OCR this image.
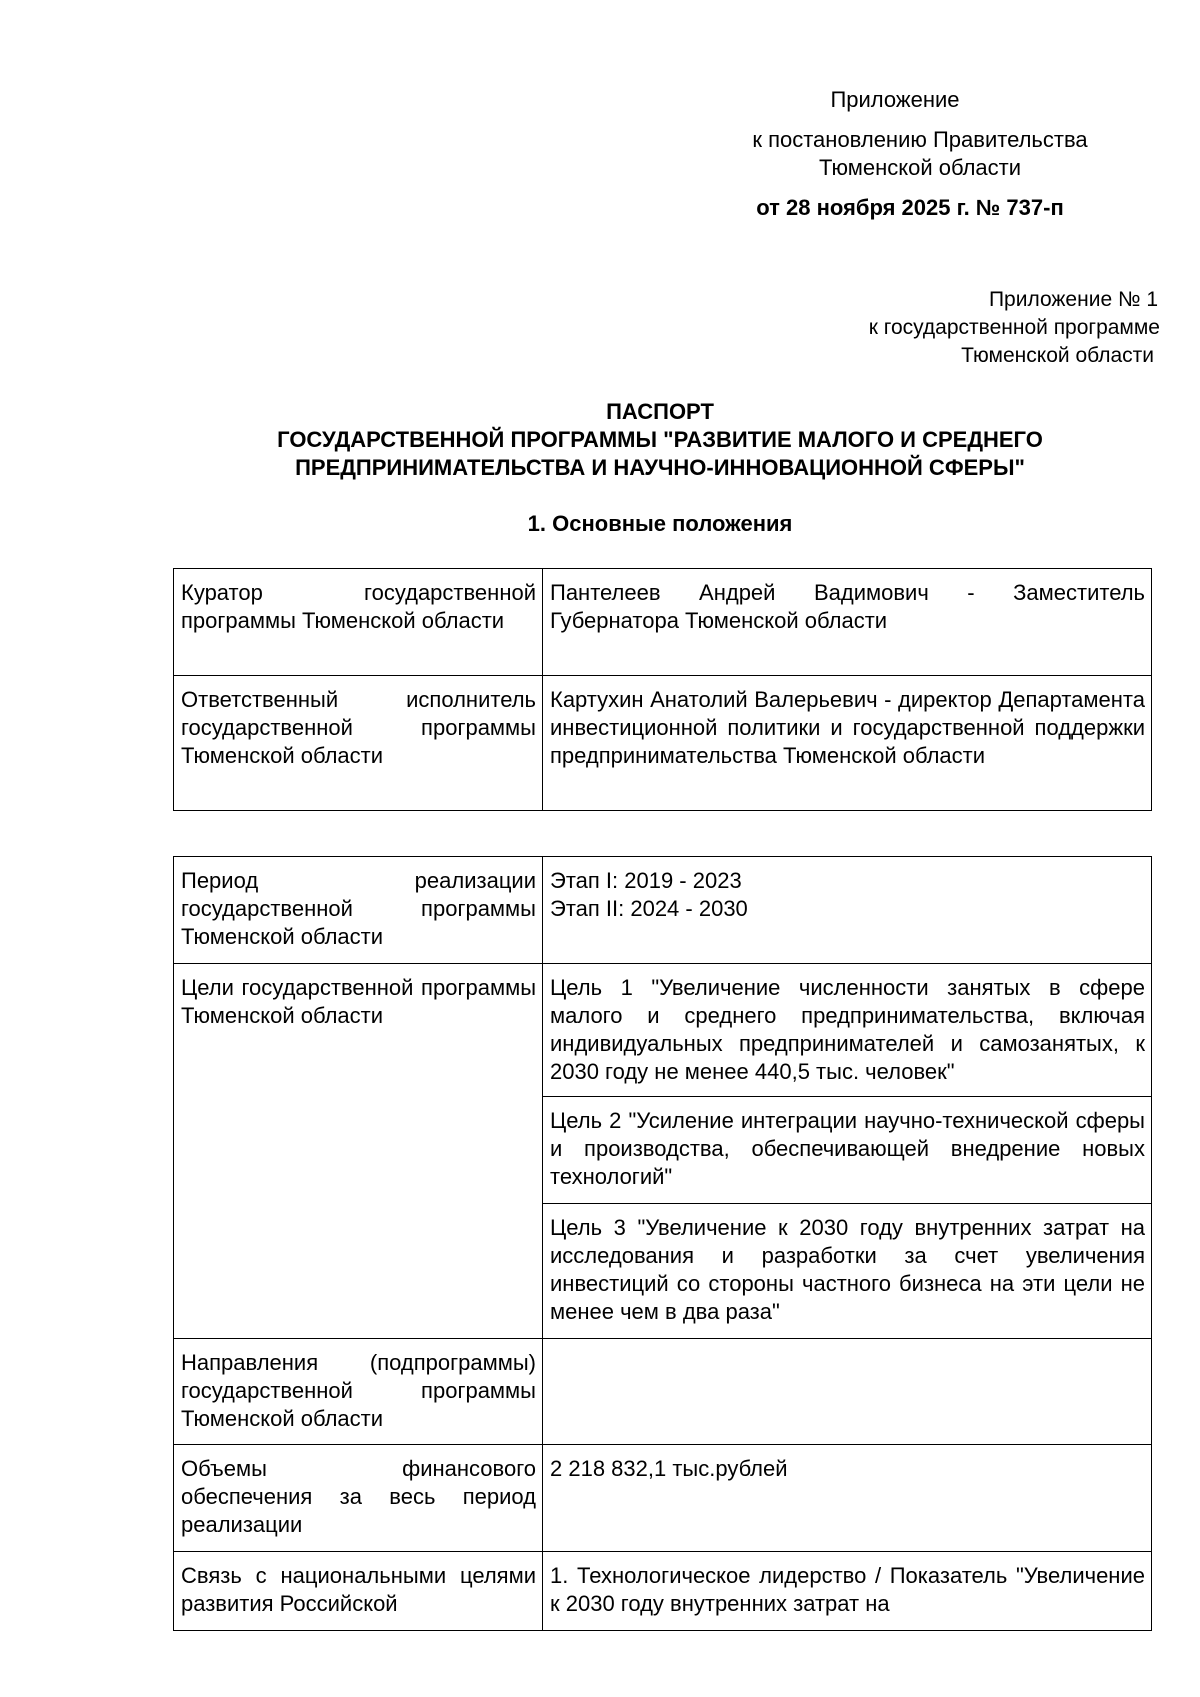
Приложение
к постановлению Правительства
Тюменской области
от 28 ноября 2025 г. № 737-п
Приложение № 1
к государственной программе
Тюменской области
ПАСПОРТ
ГОСУДАРСТВЕННОЙ ПРОГРАММЫ "РАЗВИТИЕ МАЛОГО И СРЕДНЕГО
ПРЕДПРИНИМАТЕЛЬСТВА И НАУЧНО-ИННОВАЦИОННОЙ СФЕРЫ"
1. Основные положения
Куратор государственной программы Тюменской области	Пантелеев Андрей Вадимович - Заместитель Губернатора Тюменской области
Ответственный исполнитель государственной программы Тюменской области	Картухин Анатолий Валерьевич - директор Департамента инвестиционной политики и государственной поддержки предпринимательства Тюменской области
Период реализации государственной программы Тюменской области	Этап I: 2019 - 2023
Этап II: 2024 - 2030

Цели государственной программы Тюменской области	Цель 1 "Увеличение численности занятых в сфере малого и среднего предпринимательства, включая индивидуальных предпринимателей и самозанятых, к 2030 году не менее 440,5 тыс. человек"
	Цель 2 "Усиление интеграции научно-технической сферы и производства, обеспечивающей внедрение новых технологий"
	Цель 3 "Увеличение к 2030 году внутренних затрат на исследования и разработки за счет увеличения инвестиций со стороны частного бизнеса на эти цели не менее чем в два раза"
Направления (подпрограммы) государственной программы Тюменской области	
Объемы финансового обеспечения за весь период реализации	2 218 832,1 тыс.рублей
Связь с национальными целями развития Российской	1. Технологическое лидерство / Показатель "Увеличение к 2030 году внутренних затрат на
